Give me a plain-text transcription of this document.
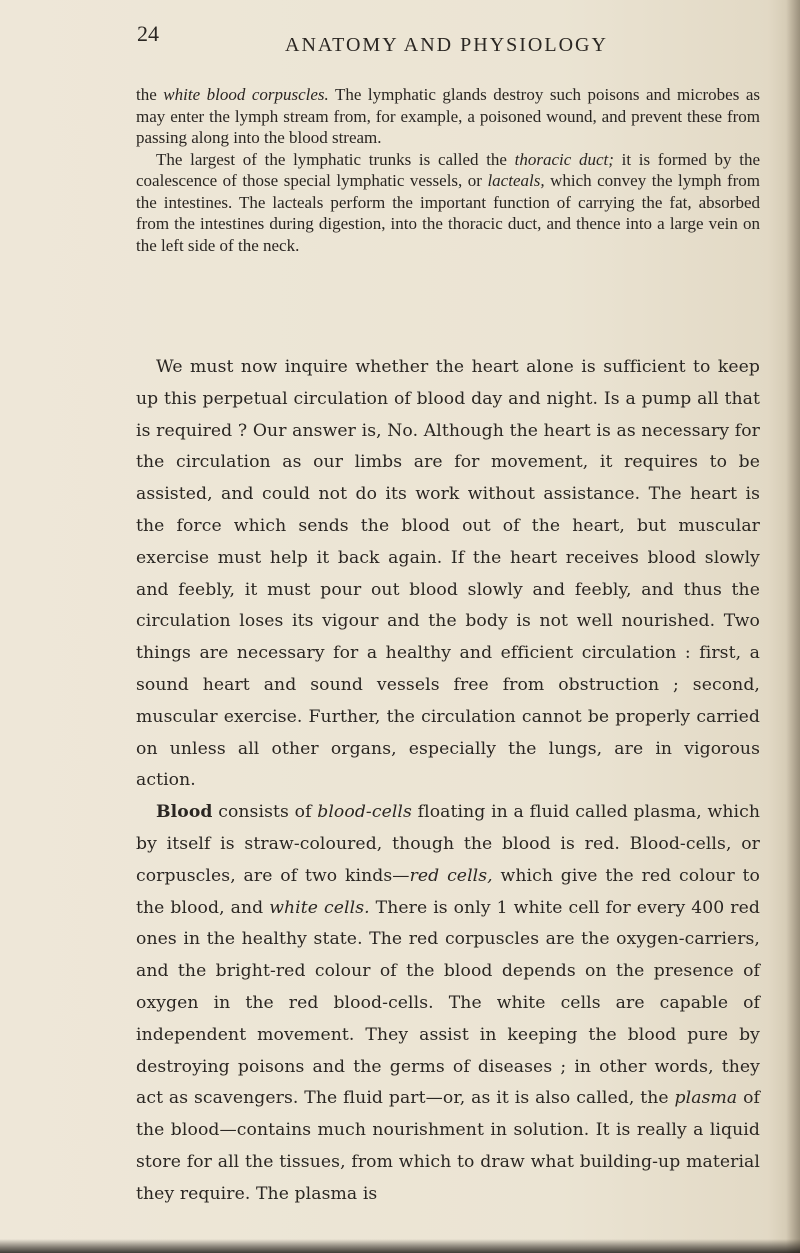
24	ANATOMY AND PHYSIOLOGY

the white blood corpuscles. The lymphatic glands destroy such poisons and microbes as may enter the lymph stream from, for example, a poisoned wound, and prevent these from passing along into the blood stream.

The largest of the lymphatic trunks is called the thoracic duct; it is formed by the coalescence of those special lymphatic vessels, or lacteals, which convey the lymph from the intestines. The lacteals perform the important function of carrying the fat, absorbed from the intestines during digestion, into the thoracic duct, and thence into a large vein on the left side of the neck.

We must now inquire whether the heart alone is sufficient to keep up this perpetual circulation of blood day and night. Is a pump all that is required ? Our answer is, No. Although the heart is as necessary for the circulation as our limbs are for movement, it requires to be assisted, and could not do its work without assistance. The heart is the force which sends the blood out of the heart, but muscular exercise must help it back again. If the heart receives blood slowly and feebly, it must pour out blood slowly and feebly, and thus the circulation loses its vigour and the body is not well nourished. Two things are necessary for a healthy and efficient circulation : first, a sound heart and sound vessels free from obstruction ; second, muscular exercise. Further, the circulation cannot be properly carried on unless all other organs, especially the lungs, are in vigorous action.

Blood consists of blood-cells floating in a fluid called plasma, which by itself is straw-coloured, though the blood is red. Blood-cells, or corpuscles, are of two kinds—red cells, which give the red colour to the blood, and white cells. There is only 1 white cell for every 400 red ones in the healthy state. The red corpuscles are the oxygen-carriers, and the bright-red colour of the blood depends on the presence of oxygen in the red blood-cells. The white cells are capable of independent movement. They assist in keeping the blood pure by destroying poisons and the germs of diseases ; in other words, they act as scavengers. The fluid part—or, as it is also called, the plasma of the blood—contains much nourishment in solution. It is really a liquid store for all the tissues, from which to draw what building-up material they require. The plasma is
